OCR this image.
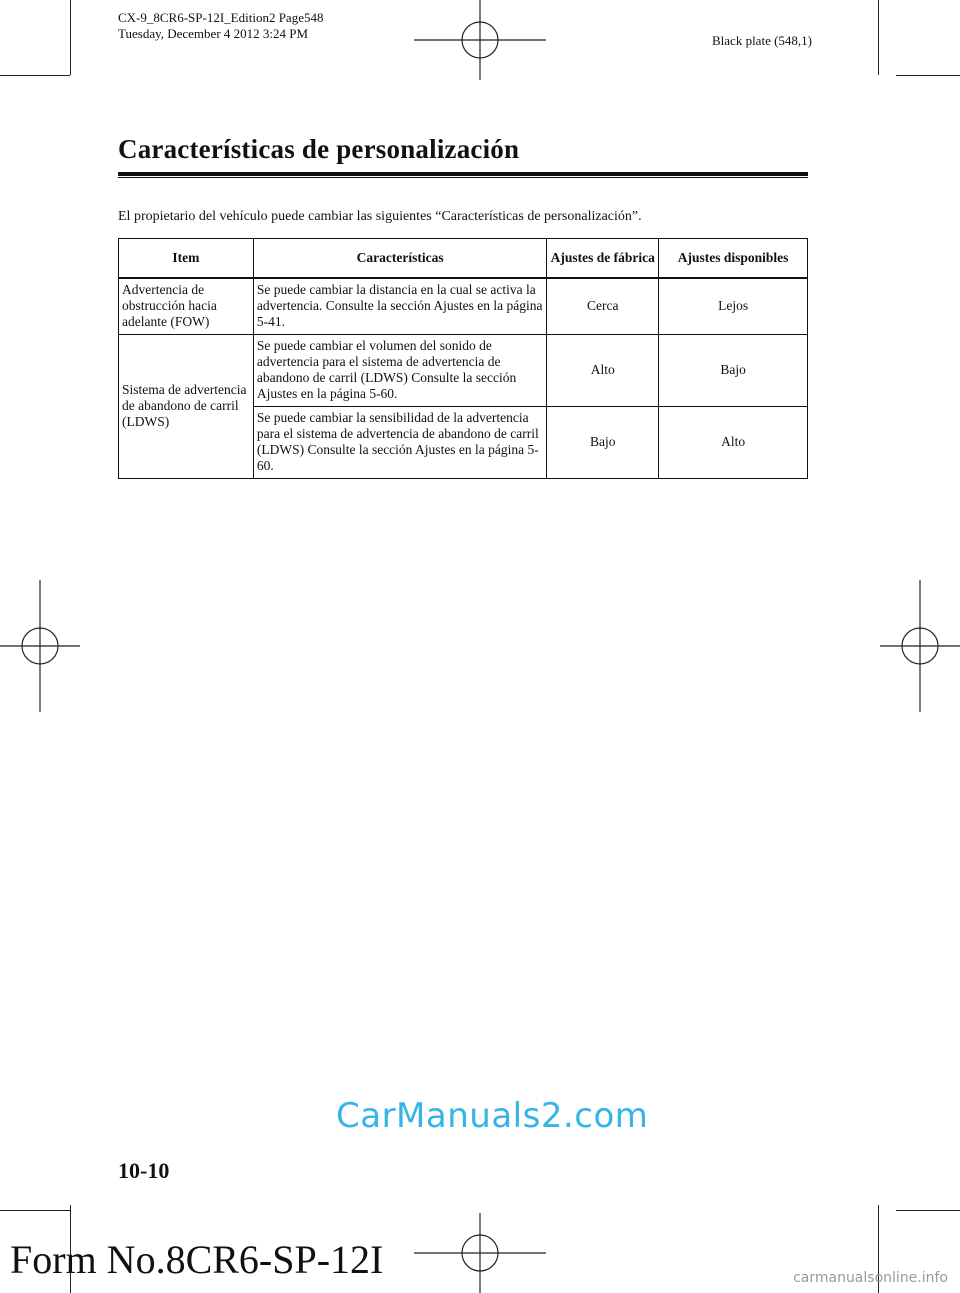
CX-9_8CR6-SP-12I_Edition2 Page548
Tuesday, December 4 2012 3:24 PM	Black plate (548,1)
Características de personalización
El propietario del vehículo puede cambiar las siguientes “Características de personalización”.
Item	Características	Ajustes de fábrica	Ajustes disponibles
Advertencia de obstrucción hacia adelante (FOW)	Se puede cambiar la distancia en la cual se activa la advertencia. Consulte la sección Ajustes en la página 5-41.	Cerca	Lejos
Sistema de advertencia de abandono de carril (LDWS)	Se puede cambiar el volumen del sonido de advertencia para el sistema de advertencia de abandono de carril (LDWS) Consulte la sección Ajustes en la página 5-60.	Alto	Bajo
	Se puede cambiar la sensibilidad de la advertencia para el sistema de advertencia de abandono de carril (LDWS) Consulte la sección Ajustes en la página 5-60.	Bajo	Alto
CarManuals2.com
10-10
Form No.8CR6-SP-12I	carmanualsonline.info
